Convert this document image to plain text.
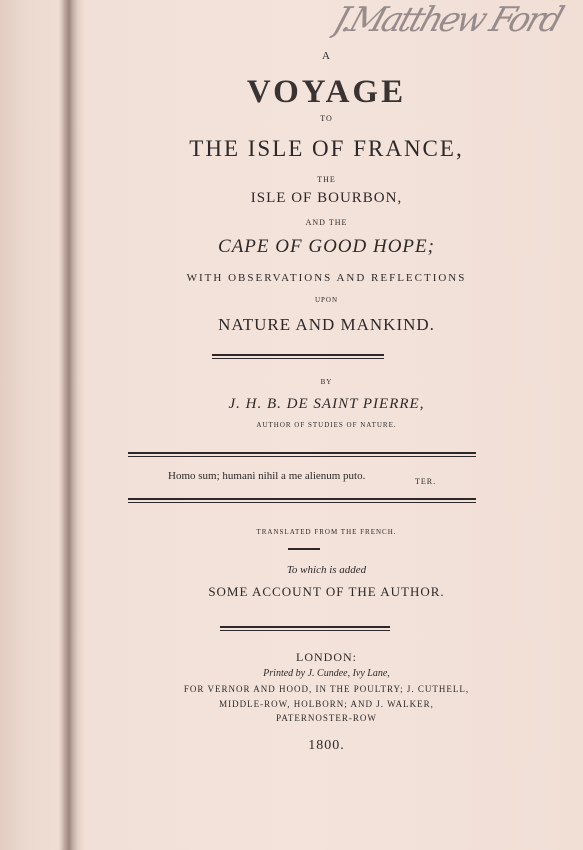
J.Matthew Ford
A
VOYAGE
TO
THE ISLE OF FRANCE,
THE
ISLE OF BOURBON,
AND THE
CAPE OF GOOD HOPE;
WITH OBSERVATIONS AND REFLECTIONS
UPON
NATURE AND MANKIND.
BY
J. H. B. DE SAINT PIERRE,
AUTHOR OF STUDIES OF NATURE.
Homo sum; humani nihil a me alienum puto.	TER.
TRANSLATED FROM THE FRENCH.
To which is added
SOME ACCOUNT OF THE AUTHOR.
LONDON:
Printed by J. Cundee, Ivy Lane,
FOR VERNOR AND HOOD, IN THE POULTRY; J. CUTHELL,
MIDDLE-ROW, HOLBORN; AND J. WALKER,
PATERNOSTER-ROW
1800.
